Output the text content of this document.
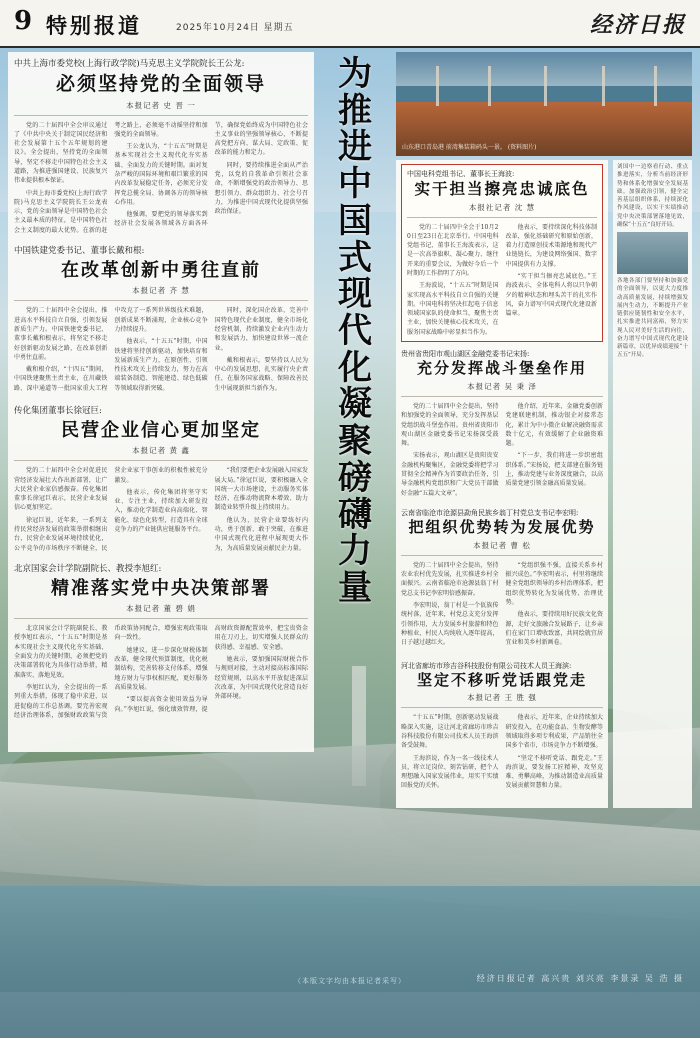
经济日报记者 高兴贵 刘兴亮 李景录 吴 浩 摄
（本版文字均由本报记者采写）
9 特别报道	2025年10月24日 星期五	经济日报
中共上海市委党校(上海行政学院)马克思主义学院院长王公龙:
必须坚持党的全面领导
本报记者 史 晋 一

党的二十届四中全会审议通过了《中共中央关于制定国民经济和社会发展第十五个五年规划的建议》。全会提出，坚持党的全面领导，坚定不移走中国特色社会主义道路，为推进强国建设、民族复兴伟业提供根本保证。

中共上海市委党校(上海行政学院)马克思主义学院院长王公龙表示，党的全面领导是中国特色社会主义最本质的特征，是中国特色社会主义制度的最大优势。在新的赶考之路上，必须毫不动摇坚持和加强党的全面领导。

王公龙认为，“十五五”时期是基本实现社会主义现代化夯实基础、全面发力的关键时期。面对复杂严峻的国际环境和艰巨繁重的国内改革发展稳定任务，必须充分发挥党总揽全局、协调各方的领导核心作用。

他强调，要把党的领导落实到经济社会发展各领域各方面各环节，确保党始终成为中国特色社会主义事业的坚强领导核心，不断提高党把方向、谋大局、定政策、促改革的能力和定力。

同时，要持续推进全面从严治党，以党的自我革命引领社会革命，不断增强党的政治领导力、思想引领力、群众组织力、社会号召力，为推进中国式现代化提供坚强政治保证。

中国铁建党委书记、董事长戴和根:
在改革创新中勇往直前
本报记者 齐 慧

党的二十届四中全会提出，推进高水平科技自立自强，引领发展新质生产力。中国铁建党委书记、董事长戴和根表示，将坚定不移走好创新驱动发展之路，在改革创新中勇往直前。

戴和根介绍，“十四五”期间，中国铁建聚焦主责主业，在川藏铁路、深中通道等一批国家重大工程中攻克了一系列世界级技术难题，创新成果不断涌现，企业核心竞争力持续提升。

他表示，“十五五”时期，中国铁建将坚持创新驱动，加快培育和发展新质生产力，在原创性、引领性技术攻关上持续发力，努力在高端装备制造、智能建造、绿色低碳等领域取得新突破。

同时，深化国企改革，完善中国特色现代企业制度，健全市场化经营机制，持续激发企业内生动力和发展活力，加快建设世界一流企业。

戴和根表示，要坚持以人民为中心的发展思想，扎实履行央企责任，在服务国家战略、保障改善民生中展现新担当新作为。

传化集团董事长徐冠巨:
民营企业信心更加坚定
本报记者 黄 鑫

党的二十届四中全会对促进民营经济发展壮大作出新部署，让广大民营企业家倍感振奋。传化集团董事长徐冠巨表示，民营企业发展信心更加坚定。

徐冠巨说，近年来，一系列支持民营经济发展的政策举措相继出台，民营企业发展环境持续优化，公平竞争的市场秩序不断健全，民营企业家干事创业的积极性被充分激发。

他表示，传化集团将坚守实业、专注主业，持续加大研发投入，推动化学制造业向高端化、智能化、绿色化转型，打造具有全球竞争力的产业链供应链服务平台。

“我们要把企业发展融入国家发展大局。”徐冠巨说，要积极融入全国统一大市场建设，主动服务实体经济，在推动物流降本增效、助力制造业转型升级上持续用力。

他认为，民营企业要练好内功，勇于创新、敢于突破，在推进中国式现代化进程中展现更大作为，为高质量发展贡献民企力量。

北京国家会计学院副院长、教授李旭红:
精准落实党中央决策部署
本报记者 董 碧 娟

北京国家会计学院副院长、教授李旭红表示，“十五五”时期是基本实现社会主义现代化夯实基础、全面发力的关键时期，必须把党的决策部署转化为具体行动举措，精准落实、落地见效。

李旭红认为，全会提出的一系列重大举措，体现了稳中求进、以进促稳的工作总基调。要完善宏观经济治理体系，加强财政政策与货币政策协同配合，增强宏观政策取向一致性。

她建议，进一步深化财税体制改革，健全现代预算制度，优化税制结构，完善转移支付体系，增强地方财力与事权相匹配，更好服务高质量发展。

“要以提高资金使用效益为导向。”李旭红说，强化绩效管理，提高财政资源配置效率，把宝贵资金用在刀刃上，切实增强人民群众的获得感、幸福感、安全感。

她表示，要加强国际财税合作与规则对接，主动对接高标准国际经贸规则，以高水平开放促进深层次改革，为中国式现代化营造良好外部环境。

为
推
进
中
国
式
现
代
化
凝
聚
磅
礴
力
量
山东港口青岛港 前湾集装箱码头一景。 (资料图片)
中国电科党组书记、董事长王海波:
实干担当擦亮忠诚底色
本报社记者 沈 慧

党的二十届四中全会于10月20日至23日在北京举行。中国电科党组书记、董事长王海波表示，这是一次高举旗帜、凝心聚力、继往开来的重要会议，为做好今后一个时期的工作指明了方向。

王海波说，“十五五”时期是国家实现高水平科技自立自强的关键期。中国电科将坚决扛起电子信息领域国家队的使命担当，聚焦主责主业，加快关键核心技术攻关，在服务国家战略中彰显担当作为。

他表示，要持续深化科技体制改革，强化基础研究和原始创新，着力打造原创技术策源地和现代产业链链长，为建设网络强国、数字中国提供有力支撑。

“实干担当擦亮忠诚底色。”王海波表示，全体电科人将以只争朝夕的精神状态和埋头苦干的扎实作风，奋力谱写中国式现代化建设新篇章。

贵州省贵阳市观山湖区金融党委书记宋扬:
充分发挥战斗堡垒作用
本报记者 吴 秉 泽

党的二十届四中全会提出，坚持和加强党的全面领导，充分发挥基层党组织战斗堡垒作用。贵州省贵阳市观山湖区金融党委书记宋扬深受鼓舞。

宋扬表示，观山湖区是贵阳贵安金融机构聚集区，金融党委将把学习贯彻全会精神作为首要政治任务，引导金融机构党组织和广大党员干部做好金融“五篇大文章”。

他介绍，近年来，金融党委创新党建联建机制，推动银企对接常态化，累计为中小微企业解决融资需求数十亿元，有效缓解了企业融资难题。

“下一步，我们将进一步织密组织体系。”宋扬说，把支部建在服务链上，推动党建与业务深度融合，以高质量党建引领金融高质量发展。

云南省临沧市沧源县勐角民族乡翁丁村党总支书记李宏明:
把组织优势转为发展优势
本报记者 曹 松

党的二十届四中全会提出，坚持农业农村优先发展，扎实推进乡村全面振兴。云南省临沧市沧源县翁丁村党总支书记李宏明倍感振奋。

李宏明说，翁丁村是一个佤族传统村落，近年来，村党总支充分发挥引领作用，大力发展乡村旅游和特色种植业，村民人均纯收入逐年提高，日子越过越红火。

“党组织强不强，直接关系乡村振兴成色。”李宏明表示，村里将继续健全党组织领导的乡村治理体系，把组织优势转化为发展优势、治理优势。

他表示，要持续用好民族文化资源，走好文旅融合发展路子，让乡亲们在家门口增收致富，共同绘就宜居宜业和美乡村新画卷。

河北省廊坊市珍吉谷科技股份有限公司技术人员王海滨:
坚定不移听党话跟党走
本报记者 王 胜 强

“十五五”时期，创新驱动发展战略深入实施，这让河北省廊坊市珍吉谷科技股份有限公司技术人员王海滨备受鼓舞。

王海滨说，作为一名一线技术人员，将立足岗位、刻苦钻研，把个人理想融入国家发展伟业，用实干实绩回报党的关怀。

他表示，近年来，企业持续加大研发投入，在功能食品、生物发酵等领域取得多项专利成果，产品销往全国多个省市，市场竞争力不断增强。

“坚定不移听党话、跟党走。”王海滨说，要发扬工匠精神，攻坚克难、勇攀高峰，为推动制造业高质量发展贡献智慧和力量。

刘国中一边察看行动、重点推进落实，分析当前经济形势和体系化增强安全发展基础。加强政治引领，健全完善基层组织体系，持续深化作风建设，以实干实绩推动党中央决策部署落地见效，确保“十五五”良好开局。
各地各部门要坚持和加强党的全面领导，以更大力度推动高质量发展，持续增强发展内生动力，不断提升产业链供应链韧性和安全水平，扎实推进共同富裕，努力实现人民对美好生活的向往，奋力谱写中国式现代化建设新篇章，以优异成绩迎接“十五五”开局。
